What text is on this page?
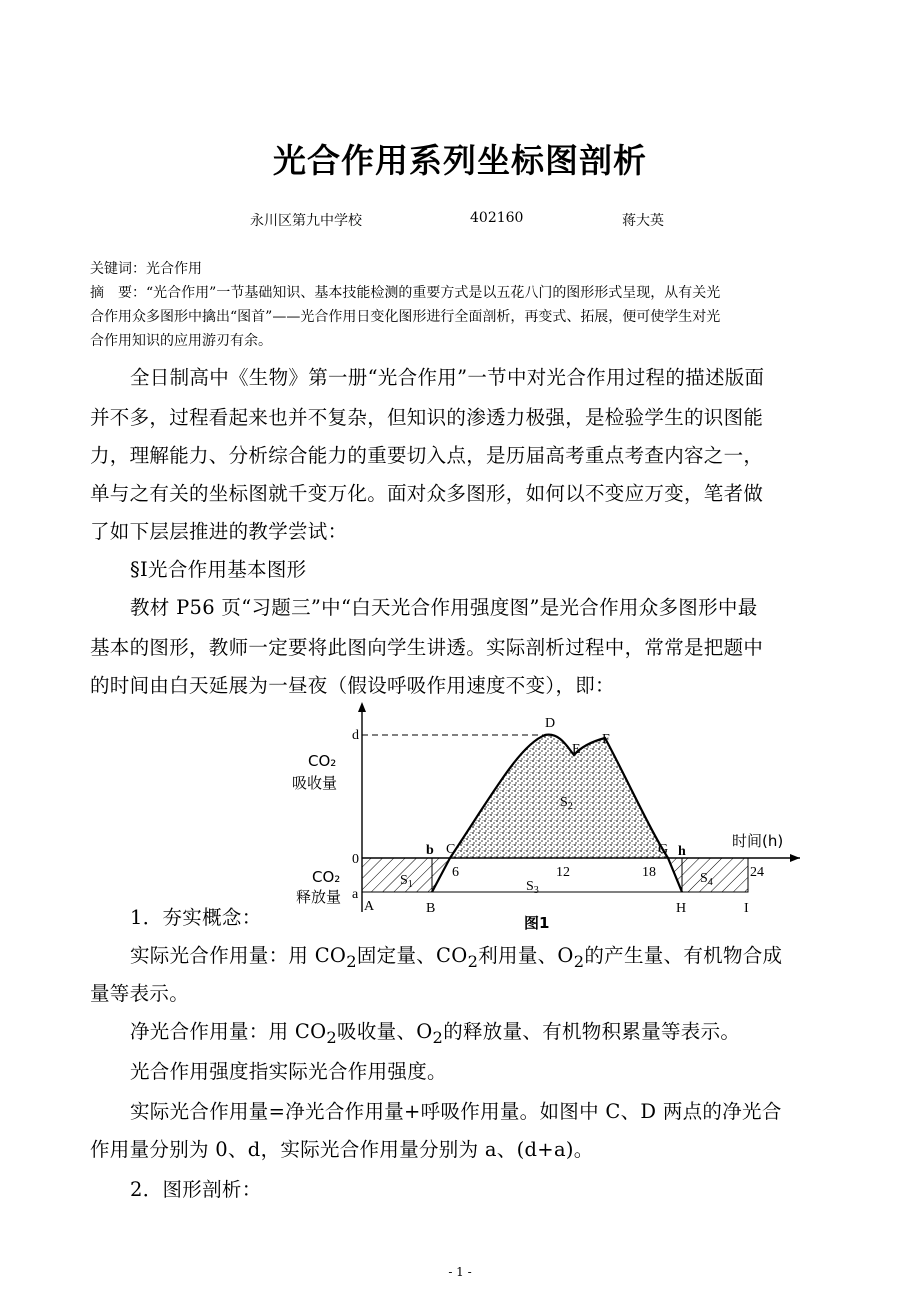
光合作用系列坐标图剖析

永川区第九中学校	402160	蒋大英

关键词：光合作用

摘　要：“光合作用”一节基础知识、基本技能检测的重要方式是以五花八门的图形形式呈现，从有关光

合作用众多图形中擒出“图首”——光合作用日变化图形进行全面剖析，再变式、拓展，便可使学生对光

合作用知识的应用游刃有余。

全日制高中《生物》第一册“光合作用”一节中对光合作用过程的描述版面

并不多，过程看起来也并不复杂，但知识的渗透力极强，是检验学生的识图能

力，理解能力、分析综合能力的重要切入点，是历届高考重点考查内容之一，

单与之有关的坐标图就千变万化。面对众多图形，如何以不变应万变，笔者做

了如下层层推进的教学尝试：

§Ⅰ光合作用基本图形

教材 P56 页“习题三”中“白天光合作用强度图”是光合作用众多图形中最

基本的图形，教师一定要将此图向学生讲透。实际剖析过程中，常常是把题中

的时间由白天延展为一昼夜（假设呼吸作用速度不变），即：

CO₂
吸收量
CO₂
释放量
d
0
a
时间(h)
6	12	18	24
D
E
F
C	G
b	h
A	B	H	I
$S_1$
$S_2$
$S_3$
$S_4$
图1

1．夯实概念：

实际光合作用量：用 $CO_2$固定量、$CO_2$利用量、$O_2$的产生量、有机物合成

量等表示。

净光合作用量：用 $CO_2$吸收量、$O_2$的释放量、有机物积累量等表示。

光合作用强度指实际光合作用强度。

实际光合作用量=净光合作用量+呼吸作用量。如图中 C、D 两点的净光合

作用量分别为 0、d，实际光合作用量分别为 a、(d+a)。

2．图形剖析：

- 1 -
